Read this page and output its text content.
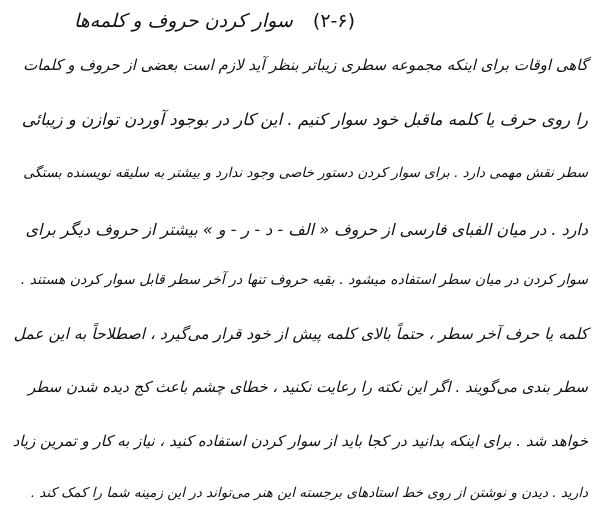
(۲-۶) سوار کردن حروف و کلمه‌ها
گاهی اوقات برای اینکه مجموعه سطری زیباتر بنظر آید لازم است بعضی از حروف و کلمات
را روی حرف یا کلمه ماقبل خود سوار کنیم . این کار در بوجود آوردن توازن و زیبائی
سطر نقش مهمی دارد . برای سوار کردن دستور خاصی وجود ندارد و بیشتر به سلیقه نویسنده بستگی
دارد . در میان الفبای فارسی از حروف « الف - د - ر - و » بیشتر از حروف دیگر برای
سوار کردن در میان سطر استفاده میشود . بقیه حروف تنها در آخر سطر قابل سوار کردن هستند .
کلمه یا حرف آخر سطر ، حتماً بالای کلمه پیش از خود قرار می‌گیرد ، اصطلاحاً به این عمل
سطر بندی می‌گویند . اگر این نکته را رعایت نکنید ، خطای چشم باعث کج دیده شدن سطر
خواهد شد . برای اینکه بدانید در کجا باید از سوار کردن استفاده کنید ، نیاز به کار و تمرین زیاد
دارید . دیدن و نوشتن از روی خط استادهای برجسته این هنر می‌تواند در این زمینه شما را کمک کند .
